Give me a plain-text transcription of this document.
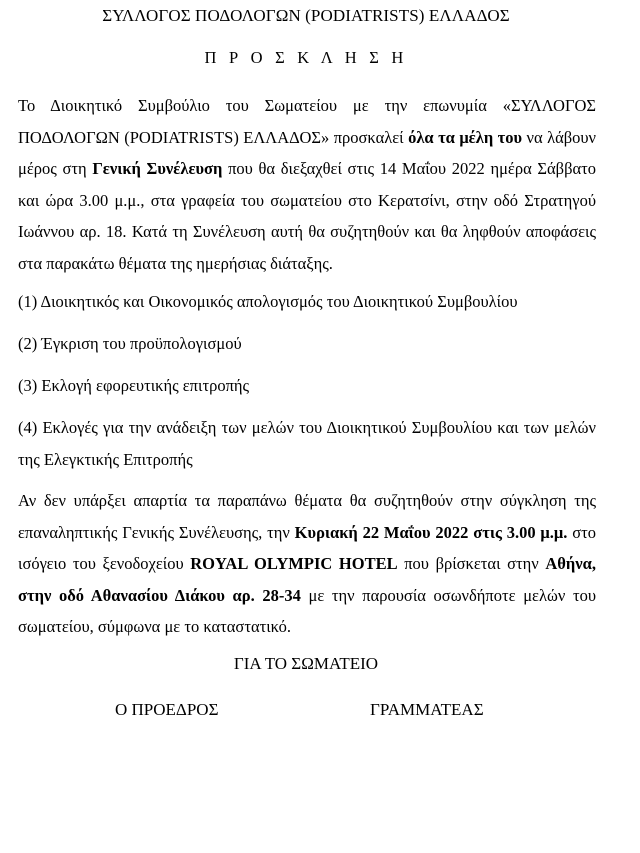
ΣΥΛΛΟΓΟΣ ΠΟΔΟΛΟΓΩΝ (PODIATRISTS) ΕΛΛΑΔΟΣ
Π Ρ Ο Σ Κ Λ Η Σ Η
Το Διοικητικό Συμβούλιο του Σωματείου με την επωνυμία «ΣΥΛΛΟΓΟΣ ΠΟΔΟΛΟΓΩΝ (PODIATRISTS) ΕΛΛΑΔΟΣ» προσκαλεί όλα τα μέλη του να λάβουν μέρος στη Γενική Συνέλευση που θα διεξαχθεί στις 14 Μαΐου 2022 ημέρα Σάββατο και ώρα 3.00 μ.μ., στα γραφεία του σωματείου στο Κερατσίνι, στην οδό Στρατηγού Ιωάννου αρ. 18. Κατά τη Συνέλευση αυτή θα συζητηθούν και θα ληφθούν αποφάσεις στα παρακάτω θέματα της ημερήσιας διάταξης.
(1) Διοικητικός και Οικονομικός απολογισμός του Διοικητικού Συμβουλίου
(2) Έγκριση του προϋπολογισμού
(3) Εκλογή εφορευτικής επιτροπής
(4) Εκλογές για την ανάδειξη των μελών του Διοικητικού Συμβουλίου και των μελών της Ελεγκτικής Επιτροπής
Αν δεν υπάρξει απαρτία τα παραπάνω θέματα θα συζητηθούν στην σύγκληση της επαναληπτικής Γενικής Συνέλευσης, την Κυριακή 22 Μαΐου 2022 στις 3.00 μ.μ. στο ισόγειο του ξενοδοχείου ROYAL OLYMPIC HOTEL που βρίσκεται στην Αθήνα, στην οδό Αθανασίου Διάκου αρ. 28-34 με την παρουσία οσωνδήποτε μελών του σωματείου, σύμφωνα με το καταστατικό.
ΓΙΑ ΤΟ ΣΩΜΑΤΕΙΟ
Ο ΠΡΟΕΔΡΟΣ	ΓΡΑΜΜΑΤΕΑΣ
